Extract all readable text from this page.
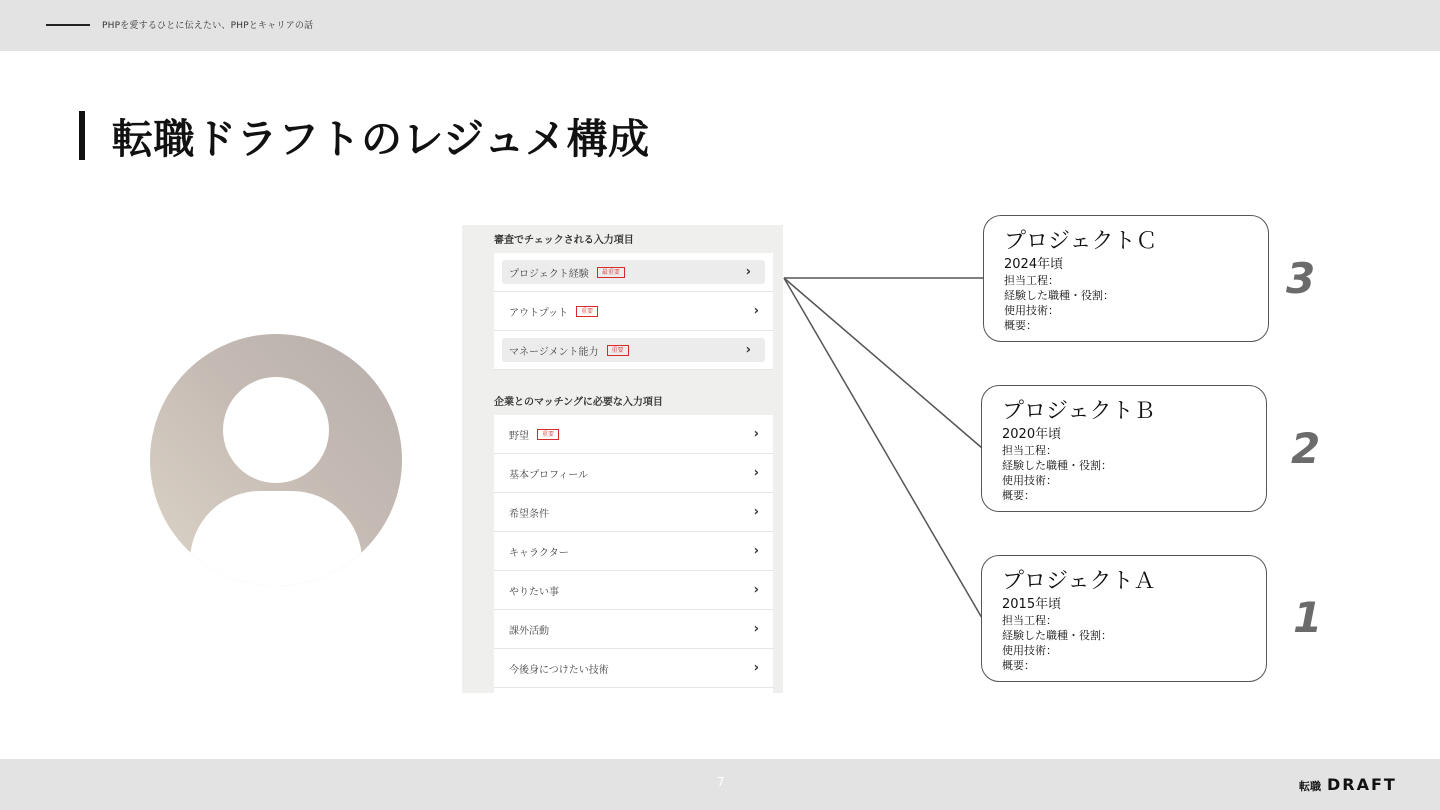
PHPを愛するひとに伝えたい、PHPとキャリアの話
転職ドラフトのレジュメ構成
審査でチェックされる入力項目
プロジェクト経験	最重要	›
アウトプット	重要	›
マネージメント能力	重要	›
企業とのマッチングに必要な入力項目
野望	重要	›
基本プロフィール	›
希望条件	›
キャラクター	›
やりたい事	›
課外活動	›
今後身につけたい技術	›
プロジェクトＣ
2024年頃
担当工程：
経験した職種・役割：
使用技術：
概要：
3
プロジェクトＢ
2020年頃
担当工程：
経験した職種・役割：
使用技術：
概要：
2
プロジェクトＡ
2015年頃
担当工程：
経験した職種・役割：
使用技術：
概要：
1
7	転職 DRAFT
